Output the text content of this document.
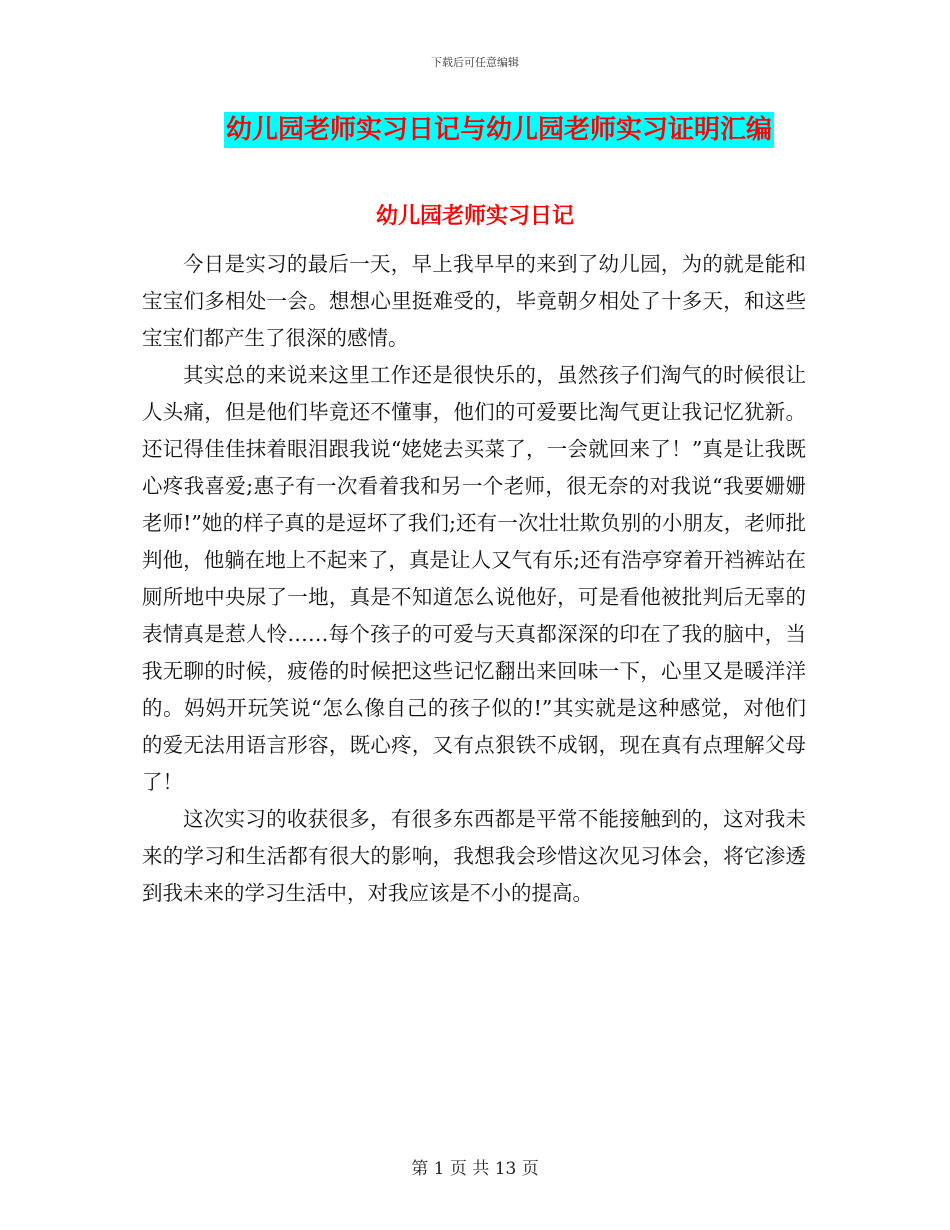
下载后可任意编辑
幼儿园老师实习日记与幼儿园老师实习证明汇编
幼儿园老师实习日记

今日是实习的最后一天，早上我早早的来到了幼儿园，为的就是能和宝宝们多相处一会。想想心里挺难受的，毕竟朝夕相处了十多天，和这些宝宝们都产生了很深的感情。

其实总的来说来这里工作还是很快乐的，虽然孩子们淘气的时候很让人头痛，但是他们毕竟还不懂事，他们的可爱要比淘气更让我记忆犹新。还记得佳佳抹着眼泪跟我说“姥姥去买菜了，一会就回来了！”真是让我既心疼我喜爱;惠子有一次看着我和另一个老师，很无奈的对我说“我要姗姗老师!”她的样子真的是逗坏了我们;还有一次壮壮欺负别的小朋友，老师批判他，他躺在地上不起来了，真是让人又气有乐;还有浩亭穿着开裆裤站在厕所地中央尿了一地，真是不知道怎么说他好，可是看他被批判后无辜的表情真是惹人怜……每个孩子的可爱与天真都深深的印在了我的脑中，当我无聊的时候，疲倦的时候把这些记忆翻出来回味一下，心里又是暖洋洋的。妈妈开玩笑说“怎么像自己的孩子似的!”其实就是这种感觉，对他们的爱无法用语言形容，既心疼，又有点狠铁不成钢，现在真有点理解父母了！

这次实习的收获很多，有很多东西都是平常不能接触到的，这对我未来的学习和生活都有很大的影响，我想我会珍惜这次见习体会，将它渗透到我未来的学习生活中，对我应该是不小的提高。

第 1 页 共 13 页
